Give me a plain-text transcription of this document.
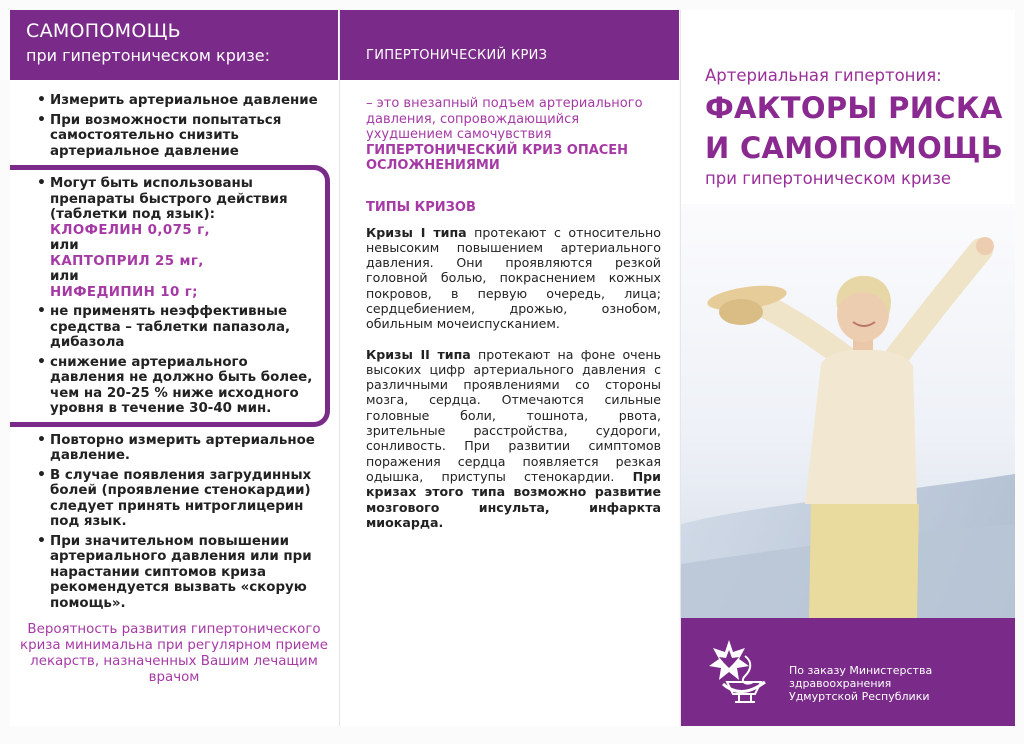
САМОПОМОЩЬ
при гипертоническом кризе:
• Измерить артериальное давление
• При возможности попытаться самостоятельно снизить артериальное давление
• Могут быть использованы препараты быстрого действия (таблетки под язык):
КЛОФЕЛИН 0,075 г,
или
КАПТОПРИЛ 25 мг,
или
НИФЕДИПИН 10 г;
• не применять неэффективные средства – таблетки папазола, дибазола
• снижение артериального давления не должно быть более, чем на 20-25 % ниже исходного уровня в течение 30-40 мин.
• Повторно измерить артериальное давление.
• В случае появления загрудинных болей (проявление стенокардии) следует принять нитроглицерин под язык.
• При значительном повышении артериального давления или при нарастании сиптомов криза рекомендуется вызвать «скорую помощь».
Вероятность развития гипертонического криза минимальна при регулярном приеме лекарств, назначенных Вашим лечащим врачом
ГИПЕРТОНИЧЕСКИЙ КРИЗ
– это внезапный подъем артериального давления, сопровождающийся ухудшением самочувствия
ГИПЕРТОНИЧЕСКИЙ КРИЗ ОПАСЕН ОСЛОЖНЕНИЯМИ
ТИПЫ КРИЗОВ
Кризы I типа протекают с относительно невысоким повышением артериального давления. Они проявляются резкой головной болью, покраснением кожных покровов, в первую очередь, лица; сердцебиением, дрожью, ознобом, обильным мочеиспусканием.
Кризы II типа протекают на фоне очень высоких цифр артериального давления с различными проявлениями со стороны мозга, сердца. Отмечаются сильные головные боли, тошнота, рвота, зрительные расстройства, судороги, сонливость. При развитии симптомов поражения сердца появляется резкая одышка, приступы стенокардии. При кризах этого типа возможно развитие мозгового инсульта, инфаркта миокарда.
Артериальная гипертония:
ФАКТОРЫ РИСКА
И САМОПОМОЩЬ
при гипертоническом кризе
По заказу Министерства
здравоохранения
Удмуртской Республики
